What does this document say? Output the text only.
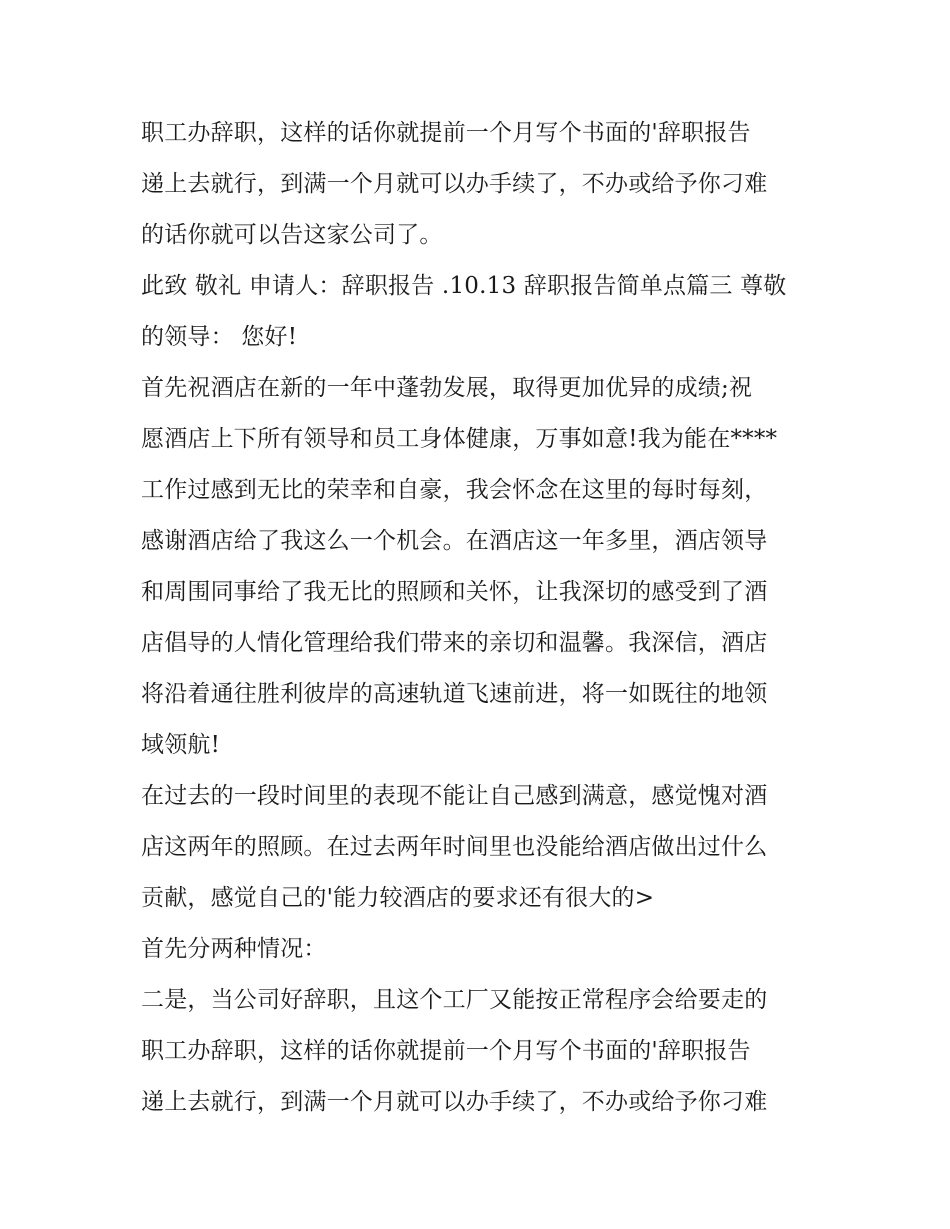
职工办辞职，这样的话你就提前一个月写个书面的'辞职报告
递上去就行，到满一个月就可以办手续了，不办或给予你刁难
的话你就可以告这家公司了。
此致 敬礼 申请人：辞职报告 .10.13 辞职报告简单点篇三 尊敬
的领导： 您好!
首先祝酒店在新的一年中蓬勃发展，取得更加优异的成绩;祝
愿酒店上下所有领导和员工身体健康，万事如意!我为能在****
工作过感到无比的荣幸和自豪，我会怀念在这里的每时每刻，
感谢酒店给了我这么一个机会。在酒店这一年多里，酒店领导
和周围同事给了我无比的照顾和关怀，让我深切的感受到了酒
店倡导的人情化管理给我们带来的亲切和温馨。我深信，酒店
将沿着通往胜利彼岸的高速轨道飞速前进，将一如既往的地领
域领航!
在过去的一段时间里的表现不能让自己感到满意，感觉愧对酒
店这两年的照顾。在过去两年时间里也没能给酒店做出过什么
贡献，感觉自己的'能力较酒店的要求还有很大的>
首先分两种情况：
二是，当公司好辞职，且这个工厂又能按正常程序会给要走的
职工办辞职，这样的话你就提前一个月写个书面的'辞职报告
递上去就行，到满一个月就可以办手续了，不办或给予你刁难
